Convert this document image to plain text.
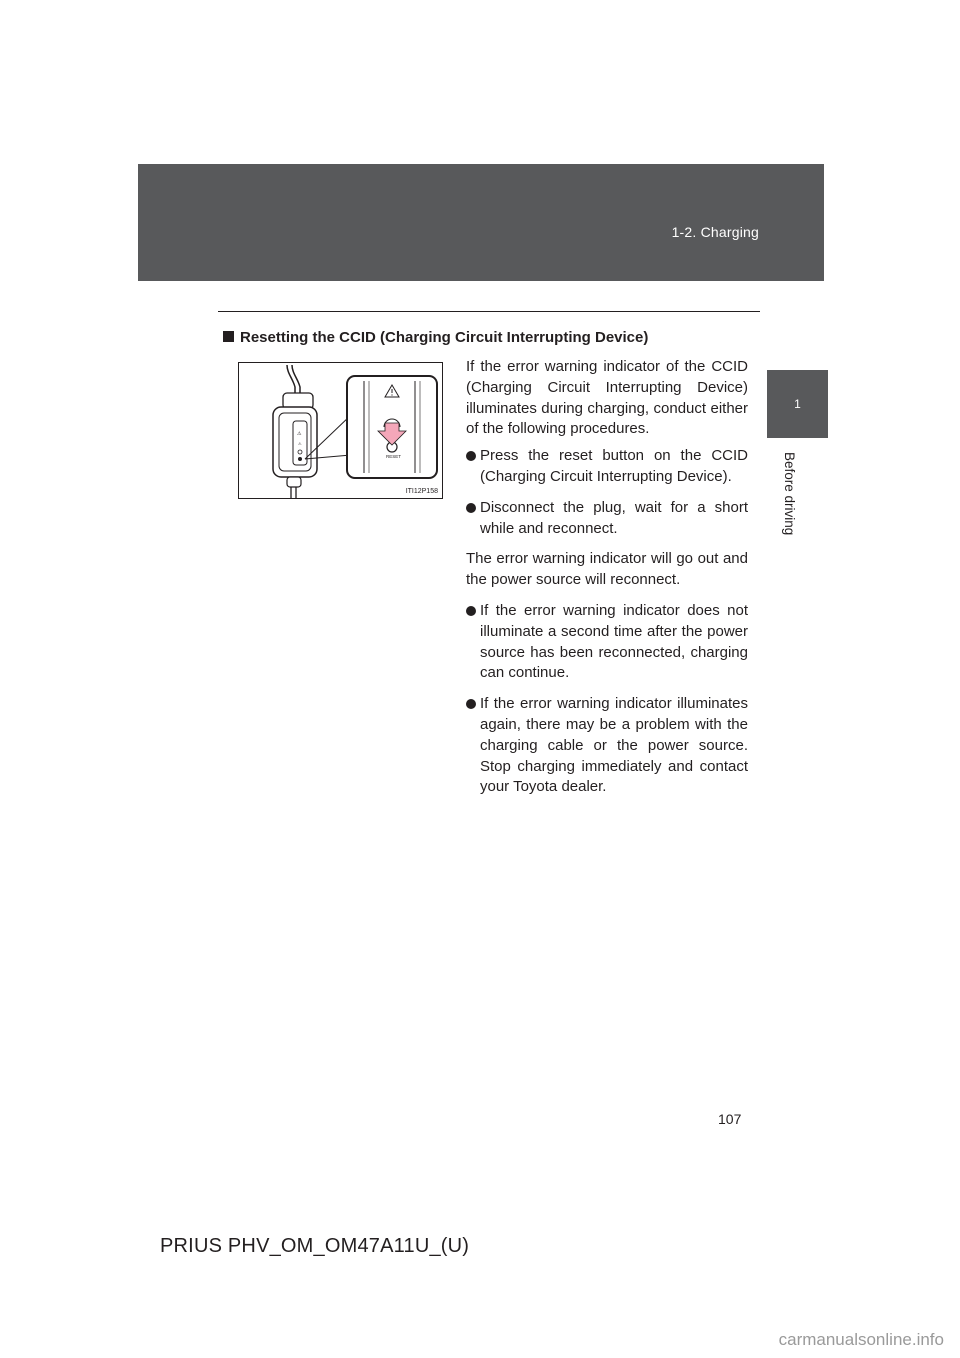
1-2. Charging
1
Before driving
Resetting the CCID (Charging Circuit Interrupting Device)
⚠
⚠
RESET
ITI12P158

If the error warning indicator of the CCID (Charging Circuit Interrupting Device) illuminates during charging, conduct either of the following procedures.

Press the reset button on the CCID (Charging Circuit Interrupting Device).
Disconnect the plug, wait for a short while and reconnect.

The error warning indicator will go out and the power source will reconnect.

If the error warning indicator does not illuminate a second time after the power source has been reconnected, charging can continue.
If the error warning indicator illuminates again, there may be a problem with the charging cable or the power source. Stop charging immediately and contact your Toyota dealer.
107
PRIUS PHV_OM_OM47A11U_(U)
carmanualsonline.info
